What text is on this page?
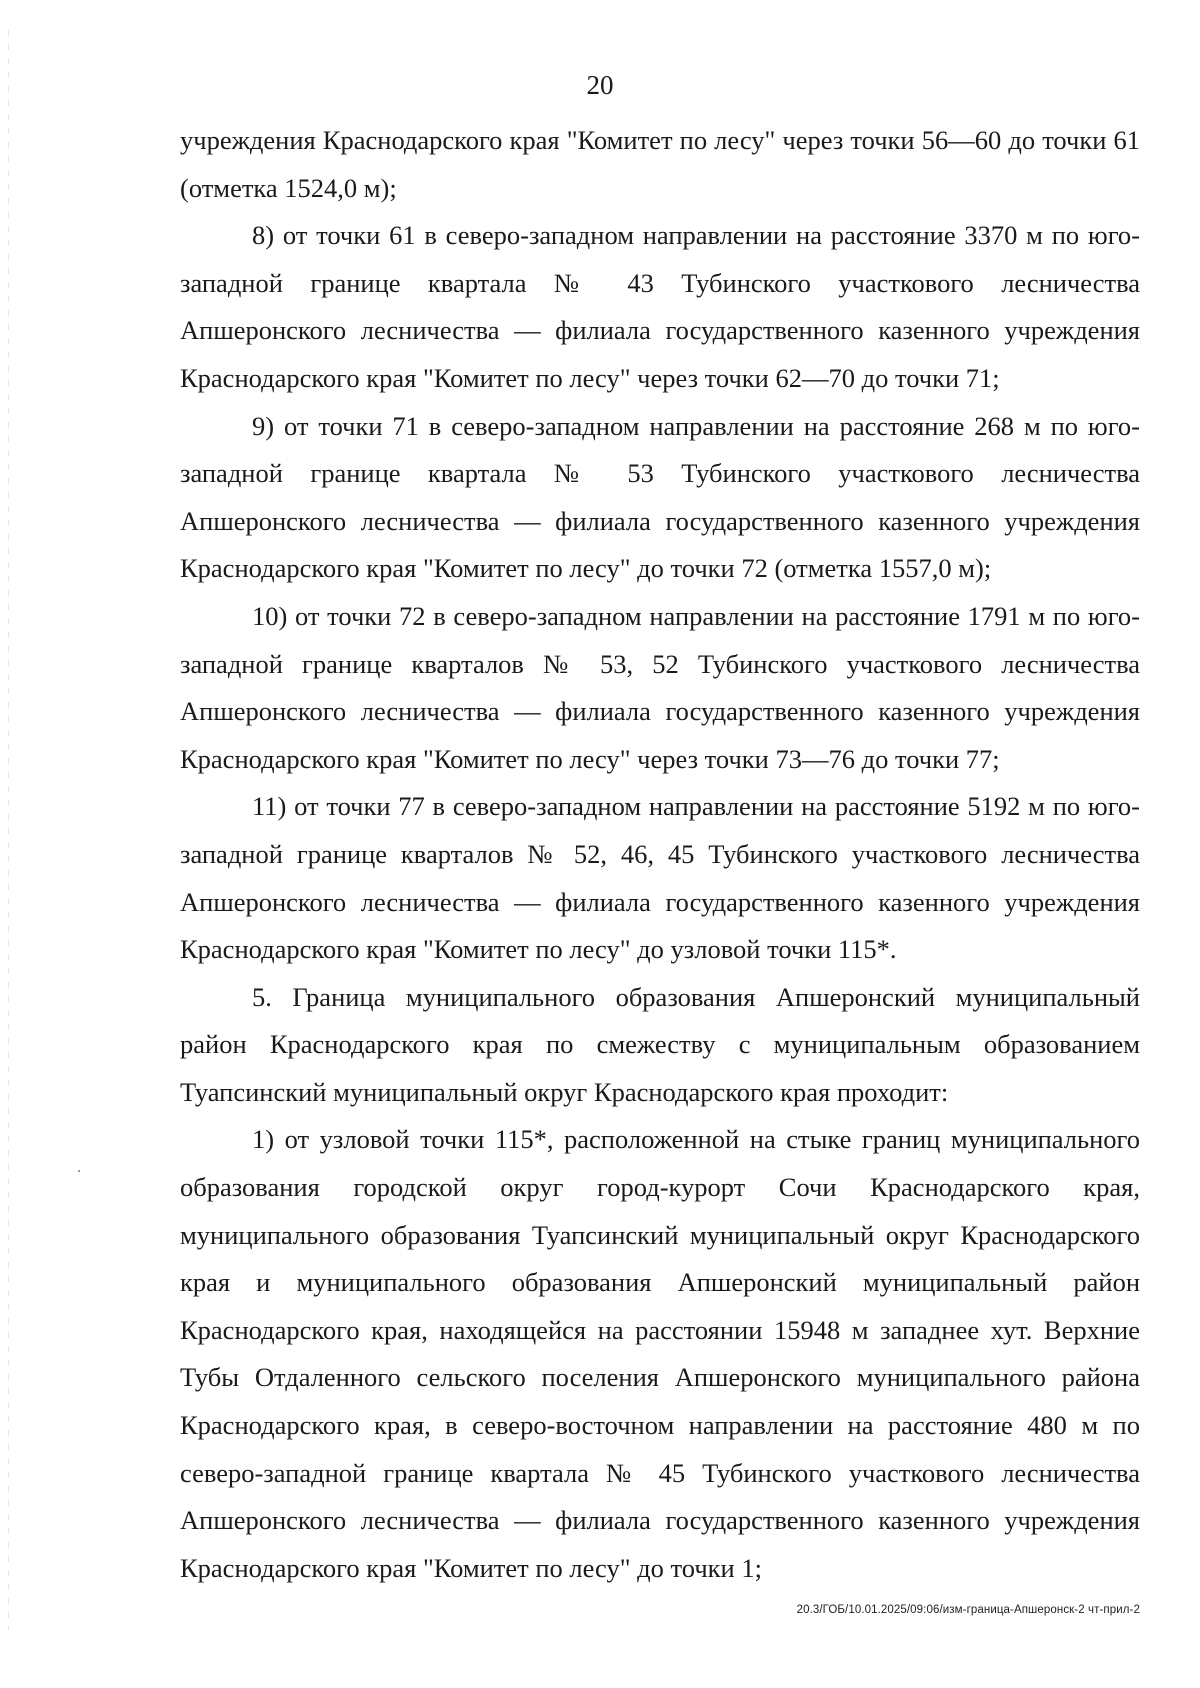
20

учреждения Краснодарского края "Комитет по лесу" через точки 56—60 до точки 61 (отметка 1524,0 м);

8) от точки 61 в северо-западном направлении на расстояние 3370 м по юго-западной границе квартала № 43 Тубинского участкового лесничества Апшеронского лесничества — филиала государственного казенного учреждения Краснодарского края "Комитет по лесу" через точки 62—70 до точки 71;

9) от точки 71 в северо-западном направлении на расстояние 268 м по юго-западной границе квартала № 53 Тубинского участкового лесничества Апшеронского лесничества — филиала государственного казенного учреждения Краснодарского края "Комитет по лесу" до точки 72 (отметка 1557,0 м);

10) от точки 72 в северо-западном направлении на расстояние 1791 м по юго-западной границе кварталов № 53, 52 Тубинского участкового лесничества Апшеронского лесничества — филиала государственного казенного учреждения Краснодарского края "Комитет по лесу" через точки 73—76 до точки 77;

11) от точки 77 в северо-западном направлении на расстояние 5192 м по юго-западной границе кварталов № 52, 46, 45 Тубинского участкового лесничества Апшеронского лесничества — филиала государственного казенного учреждения Краснодарского края "Комитет по лесу" до узловой точки 115*.

5. Граница муниципального образования Апшеронский муниципальный район Краснодарского края по смежеству с муниципальным образованием Туапсинский муниципальный округ Краснодарского края проходит:

1) от узловой точки 115*, расположенной на стыке границ муниципального образования городской округ город-курорт Сочи Краснодарского края, муниципального образования Туапсинский муниципальный округ Краснодарского края и муниципального образования Апшеронский муниципальный район Краснодарского края, находящейся на расстоянии 15948 м западнее хут. Верхние Тубы Отдаленного сельского поселения Апшеронского муниципального района Краснодарского края, в северо-восточном направлении на расстояние 480 м по северо-западной границе квартала № 45 Тубинского участкового лесничества Апшеронского лесничества — филиала государственного казенного учреждения Краснодарского края "Комитет по лесу" до точки 1;

20.3/ГОБ/10.01.2025/09:06/изм-граница-Апшеронск-2 чт-прил-2
